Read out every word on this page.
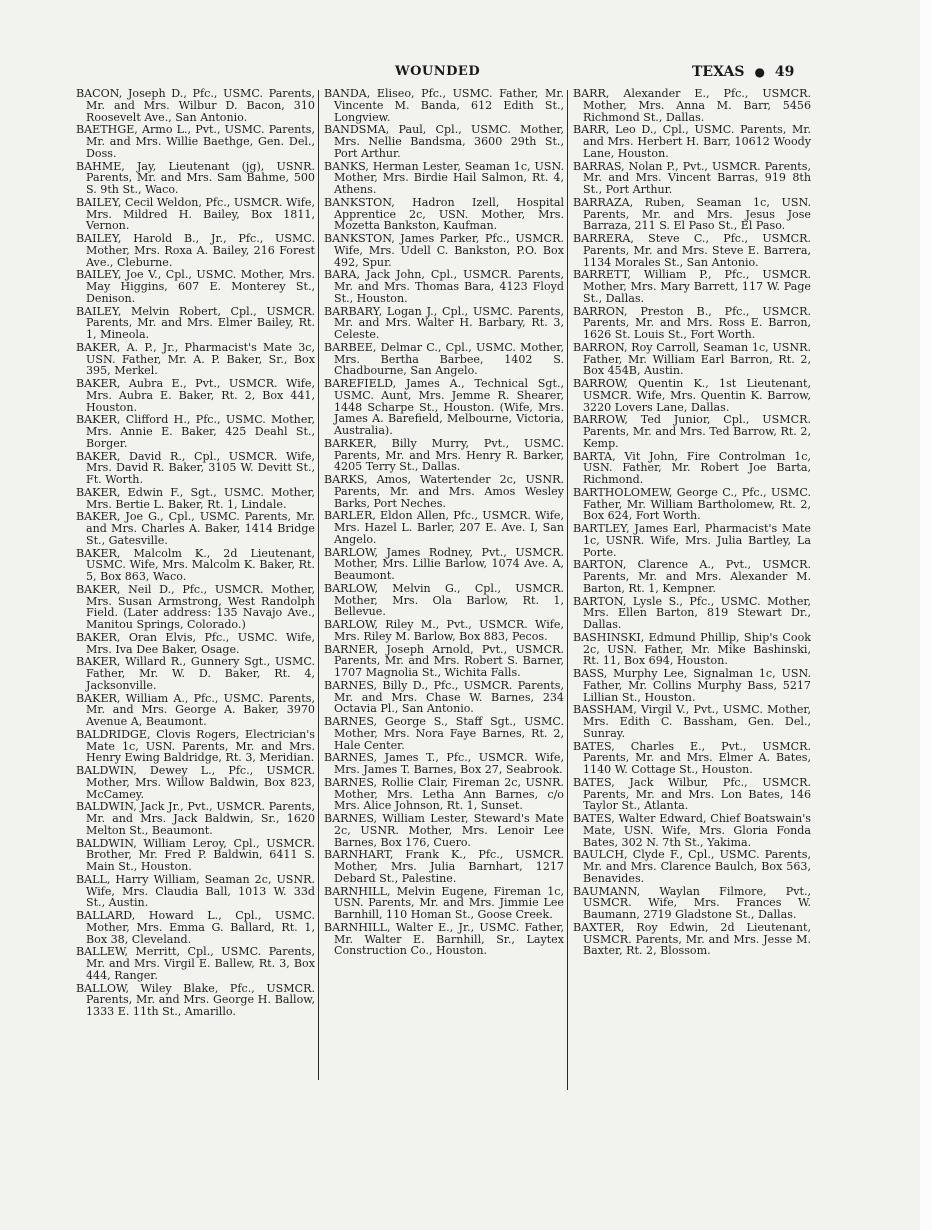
WOUNDED	TEXAS ● 49

BACON, Joseph D., Pfc., USMC. Parents, Mr. and Mrs. Wilbur D. Bacon, 310 Roosevelt Ave., San Antonio.

BAETHGE, Armo L., Pvt., USMC. Parents, Mr. and Mrs. Willie Baethge, Gen. Del., Doss.

BAHME, Jay, Lieutenant (jg), USNR. Parents, Mr. and Mrs. Sam Bahme, 500 S. 9th St., Waco.

BAILEY, Cecil Weldon, Pfc., USMCR. Wife, Mrs. Mildred H. Bailey, Box 1811, Vernon.

BAILEY, Harold B., Jr., Pfc., USMC. Mother, Mrs. Roxa A. Bailey, 216 Forest Ave., Cleburne.

BAILEY, Joe V., Cpl., USMC. Mother, Mrs. May Higgins, 607 E. Monterey St., Denison.

BAILEY, Melvin Robert, Cpl., USMCR. Parents, Mr. and Mrs. Elmer Bailey, Rt. 1, Mineola.

BAKER, A. P., Jr., Pharmacist's Mate 3c, USN. Father, Mr. A. P. Baker, Sr., Box 395, Merkel.

BAKER, Aubra E., Pvt., USMCR. Wife, Mrs. Aubra E. Baker, Rt. 2, Box 441, Houston.

BAKER, Clifford H., Pfc., USMC. Mother, Mrs. Annie E. Baker, 425 Deahl St., Borger.

BAKER, David R., Cpl., USMCR. Wife, Mrs. David R. Baker, 3105 W. Devitt St., Ft. Worth.

BAKER, Edwin F., Sgt., USMC. Mother, Mrs. Bertie L. Baker, Rt. 1, Lindale.

BAKER, Joe G., Cpl., USMC. Parents, Mr. and Mrs. Charles A. Baker, 1414 Bridge St., Gatesville.

BAKER, Malcolm K., 2d Lieutenant, USMC. Wife, Mrs. Malcolm K. Baker, Rt. 5, Box 863, Waco.

BAKER, Neil D., Pfc., USMCR. Mother, Mrs. Susan Armstrong, West Randolph Field. (Later address: 135 Navajo Ave., Manitou Springs, Colorado.)

BAKER, Oran Elvis, Pfc., USMC. Wife, Mrs. Iva Dee Baker, Osage.

BAKER, Willard R., Gunnery Sgt., USMC. Father, Mr. W. D. Baker, Rt. 4, Jacksonville.

BAKER, William A., Pfc., USMC. Parents, Mr. and Mrs. George A. Baker, 3970 Avenue A, Beaumont.

BALDRIDGE, Clovis Rogers, Electrician's Mate 1c, USN. Parents, Mr. and Mrs. Henry Ewing Baldridge, Rt. 3, Meridian.

BALDWIN, Dewey L., Pfc., USMCR. Mother, Mrs. Willow Baldwin, Box 823, McCamey.

BALDWIN, Jack Jr., Pvt., USMCR. Parents, Mr. and Mrs. Jack Baldwin, Sr., 1620 Melton St., Beaumont.

BALDWIN, William Leroy, Cpl., USMCR. Brother, Mr. Fred P. Baldwin, 6411 S. Main St., Houston.

BALL, Harry William, Seaman 2c, USNR. Wife, Mrs. Claudia Ball, 1013 W. 33d St., Austin.

BALLARD, Howard L., Cpl., USMC. Mother, Mrs. Emma G. Ballard, Rt. 1, Box 38, Cleveland.

BALLEW, Merritt, Cpl., USMC. Parents, Mr. and Mrs. Virgil E. Ballew, Rt. 3, Box 444, Ranger.

BALLOW, Wiley Blake, Pfc., USMCR. Parents, Mr. and Mrs. George H. Ballow, 1333 E. 11th St., Amarillo.

BANDA, Eliseo, Pfc., USMC. Father, Mr. Vincente M. Banda, 612 Edith St., Longview.

BANDSMA, Paul, Cpl., USMC. Mother, Mrs. Nellie Bandsma, 3600 29th St., Port Arthur.

BANKS, Herman Lester, Seaman 1c, USN. Mother, Mrs. Birdie Hail Salmon, Rt. 4, Athens.

BANKSTON, Hadron Izell, Hospital Apprentice 2c, USN. Mother, Mrs. Mozetta Bankston, Kaufman.

BANKSTON, James Parker, Pfc., USMCR. Wife, Mrs. Udell C. Bankston, P.O. Box 492, Spur.

BARA, Jack John, Cpl., USMCR. Parents, Mr. and Mrs. Thomas Bara, 4123 Floyd St., Houston.

BARBARY, Logan J., Cpl., USMC. Parents, Mr. and Mrs. Walter H. Barbary, Rt. 3, Celeste.

BARBEE, Delmar C., Cpl., USMC. Mother, Mrs. Bertha Barbee, 1402 S. Chadbourne, San Angelo.

BAREFIELD, James A., Technical Sgt., USMC. Aunt, Mrs. Jemme R. Shearer, 1448 Scharpe St., Houston. (Wife, Mrs. James A. Barefield, Melbourne, Victoria, Australia).

BARKER, Billy Murry, Pvt., USMC. Parents, Mr. and Mrs. Henry R. Barker, 4205 Terry St., Dallas.

BARKS, Amos, Watertender 2c, USNR. Parents, Mr. and Mrs. Amos Wesley Barks, Port Neches.

BARLER, Eldon Allen, Pfc., USMCR. Wife, Mrs. Hazel L. Barler, 207 E. Ave. I, San Angelo.

BARLOW, James Rodney, Pvt., USMCR. Mother, Mrs. Lillie Barlow, 1074 Ave. A, Beaumont.

BARLOW, Melvin G., Cpl., USMCR. Mother, Mrs. Ola Barlow, Rt. 1, Bellevue.

BARLOW, Riley M., Pvt., USMCR. Wife, Mrs. Riley M. Barlow, Box 883, Pecos.

BARNER, Joseph Arnold, Pvt., USMCR. Parents, Mr. and Mrs. Robert S. Barner, 1707 Magnolia St., Wichita Falls.

BARNES, Billy D., Pfc., USMCR. Parents, Mr. and Mrs. Chase W. Barnes, 234 Octavia Pl., San Antonio.

BARNES, George S., Staff Sgt., USMC. Mother, Mrs. Nora Faye Barnes, Rt. 2, Hale Center.

BARNES, James T., Pfc., USMCR. Wife, Mrs. James T. Barnes, Box 27, Seabrook.

BARNES, Rollie Clair, Fireman 2c, USNR. Mother, Mrs. Letha Ann Barnes, c/o Mrs. Alice Johnson, Rt. 1, Sunset.

BARNES, William Lester, Steward's Mate 2c, USNR. Mother, Mrs. Lenoir Lee Barnes, Box 176, Cuero.

BARNHART, Frank K., Pfc., USMCR. Mother, Mrs. Julia Barnhart, 1217 Debard St., Palestine.

BARNHILL, Melvin Eugene, Fireman 1c, USN. Parents, Mr. and Mrs. Jimmie Lee Barnhill, 110 Homan St., Goose Creek.

BARNHILL, Walter E., Jr., USMC. Father, Mr. Walter E. Barnhill, Sr., Laytex Construction Co., Houston.

BARR, Alexander E., Pfc., USMCR. Mother, Mrs. Anna M. Barr, 5456 Richmond St., Dallas.

BARR, Leo D., Cpl., USMC. Parents, Mr. and Mrs. Herbert H. Barr, 10612 Woody Lane, Houston.

BARRAS, Nolan P., Pvt., USMCR. Parents, Mr. and Mrs. Vincent Barras, 919 8th St., Port Arthur.

BARRAZA, Ruben, Seaman 1c, USN. Parents, Mr. and Mrs. Jesus Jose Barraza, 211 S. El Paso St., El Paso.

BARRERA, Steve C., Pfc., USMCR. Parents, Mr. and Mrs. Steve E. Barrera, 1134 Morales St., San Antonio.

BARRETT, William P., Pfc., USMCR. Mother, Mrs. Mary Barrett, 117 W. Page St., Dallas.

BARRON, Preston B., Pfc., USMCR. Parents, Mr. and Mrs. Ross E. Barron, 1626 St. Louis St., Fort Worth.

BARRON, Roy Carroll, Seaman 1c, USNR. Father, Mr. William Earl Barron, Rt. 2, Box 454B, Austin.

BARROW, Quentin K., 1st Lieutenant, USMCR. Wife, Mrs. Quentin K. Barrow, 3220 Lovers Lane, Dallas.

BARROW, Ted Junior, Cpl., USMCR. Parents, Mr. and Mrs. Ted Barrow, Rt. 2, Kemp.

BARTA, Vit John, Fire Controlman 1c, USN. Father, Mr. Robert Joe Barta, Richmond.

BARTHOLOMEW, George C., Pfc., USMC. Father, Mr. William Bartholomew, Rt. 2, Box 624, Fort Worth.

BARTLEY, James Earl, Pharmacist's Mate 1c, USNR. Wife, Mrs. Julia Bartley, La Porte.

BARTON, Clarence A., Pvt., USMCR. Parents, Mr. and Mrs. Alexander M. Barton, Rt. 1, Kempner.

BARTON, Lysle S., Pfc., USMC. Mother, Mrs. Ellen Barton, 819 Stewart Dr., Dallas.

BASHINSKI, Edmund Phillip, Ship's Cook 2c, USN. Father, Mr. Mike Bashinski, Rt. 11, Box 694, Houston.

BASS, Murphy Lee, Signalman 1c, USN. Father, Mr. Collins Murphy Bass, 5217 Lillian St., Houston.

BASSHAM, Virgil V., Pvt., USMC. Mother, Mrs. Edith C. Bassham, Gen. Del., Sunray.

BATES, Charles E., Pvt., USMCR. Parents, Mr. and Mrs. Elmer A. Bates, 1140 W. Cottage St., Houston.

BATES, Jack Wilbur, Pfc., USMCR. Parents, Mr. and Mrs. Lon Bates, 146 Taylor St., Atlanta.

BATES, Walter Edward, Chief Boatswain's Mate, USN. Wife, Mrs. Gloria Fonda Bates, 302 N. 7th St., Yakima.

BAULCH, Clyde F., Cpl., USMC. Parents, Mr. and Mrs. Clarence Baulch, Box 563, Benavides.

BAUMANN, Waylan Filmore, Pvt., USMCR. Wife, Mrs. Frances W. Baumann, 2719 Gladstone St., Dallas.

BAXTER, Roy Edwin, 2d Lieutenant, USMCR. Parents, Mr. and Mrs. Jesse M. Baxter, Rt. 2, Blossom.
